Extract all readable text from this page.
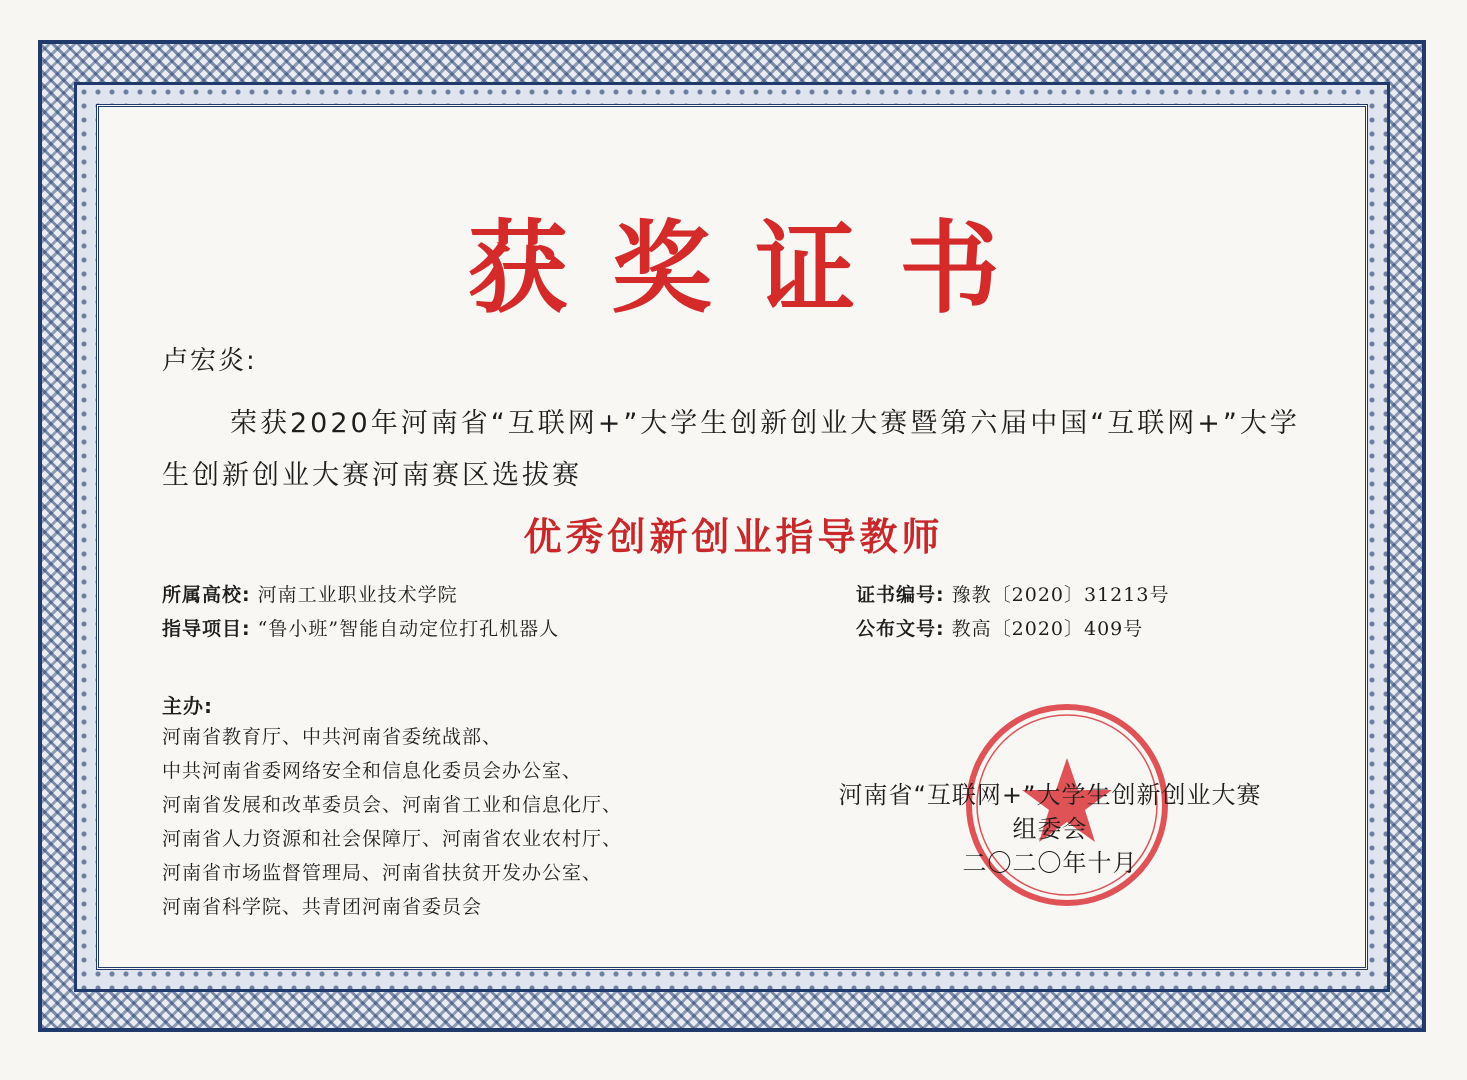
获奖证书
卢宏炎:
荣获2020年河南省“互联网+”大学生创新创业大赛暨第六届中国“互联网+”大学生创新创业大赛河南赛区选拔赛
优秀创新创业指导教师
所属高校: 河南工业职业技术学院
指导项目: “鲁小班”智能自动定位打孔机器人
证书编号: 豫教〔2020〕31213号
公布文号: 教高〔2020〕409号
主办:
河南省教育厅、中共河南省委统战部、
中共河南省委网络安全和信息化委员会办公室、
河南省发展和改革委员会、河南省工业和信息化厅、
河南省人力资源和社会保障厅、河南省农业农村厅、
河南省市场监督管理局、河南省扶贫开发办公室、
河南省科学院、共青团河南省委员会
河南省“互联网+”大学生创新创业大赛
组委会
二〇二〇年十月
